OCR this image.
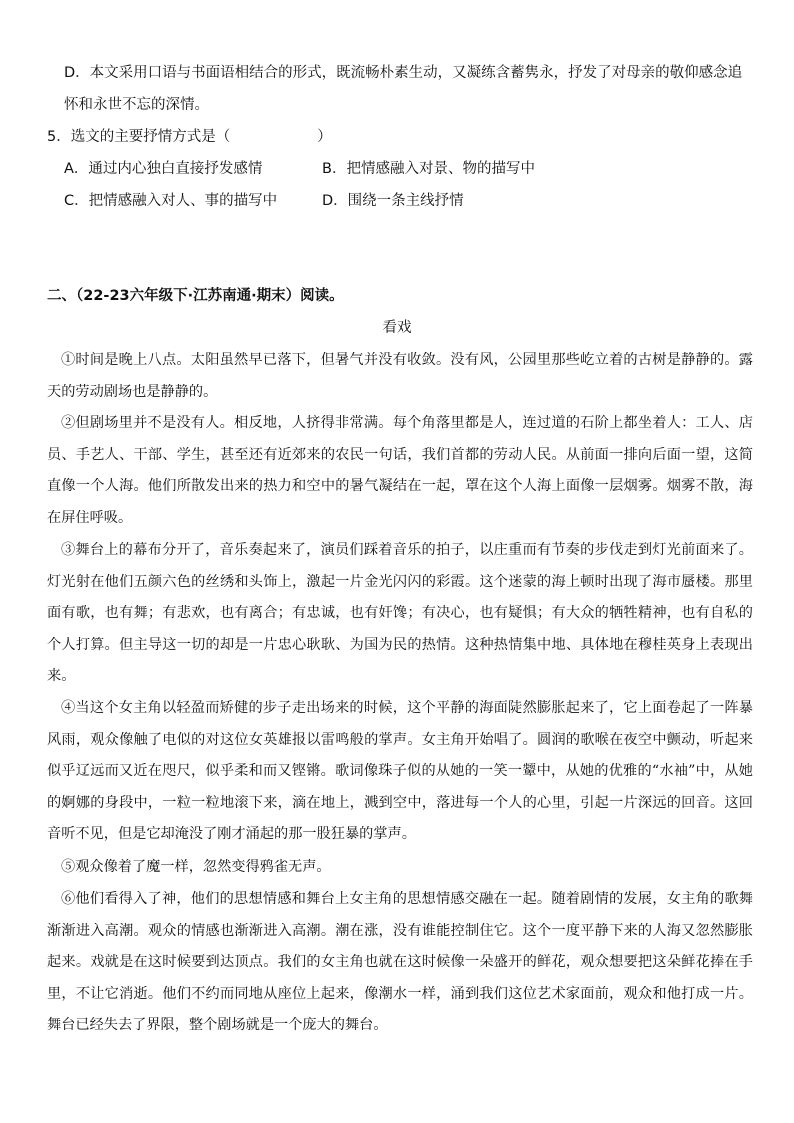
D．本文采用口语与书面语相结合的形式，既流畅朴素生动，又凝练含蓄隽永，抒发了对母亲的敬仰感念追
怀和永世不忘的深情。
5．选文的主要抒情方式是（　　　　　　）
A．通过内心独白直接抒发感情	B．把情感融入对景、物的描写中
C．把情感融入对人、事的描写中	D．围绕一条主线抒情
二、（22-23六年级下·江苏南通·期末）阅读。
看戏
①时间是晚上八点。太阳虽然早已落下，但暑气并没有收敛。没有风，公园里那些屹立着的古树是静静的。露天的劳动剧场也是静静的。
②但剧场里并不是没有人。相反地，人挤得非常满。每个角落里都是人，连过道的石阶上都坐着人：工人、店员、手艺人、干部、学生，甚至还有近郊来的农民一句话，我们首都的劳动人民。从前面一排向后面一望，这简直像一个人海。他们所散发出来的热力和空中的暑气凝结在一起，罩在这个人海上面像一层烟雾。烟雾不散，海在屏住呼吸。
③舞台上的幕布分开了，音乐奏起来了，演员们踩着音乐的拍子，以庄重而有节奏的步伐走到灯光前面来了。灯光射在他们五颜六色的丝绣和头饰上，激起一片金光闪闪的彩霞。这个迷蒙的海上顿时出现了海市蜃楼。那里面有歌，也有舞；有悲欢，也有离合；有忠诚，也有奸馋；有决心，也有疑惧；有大众的牺牲精神，也有自私的个人打算。但主导这一切的却是一片忠心耿耿、为国为民的热情。这种热情集中地、具体地在穆桂英身上表现出来。
④当这个女主角以轻盈而矫健的步子走出场来的时候，这个平静的海面陡然膨胀起来了，它上面卷起了一阵暴风雨，观众像触了电似的对这位女英雄报以雷鸣般的掌声。女主角开始唱了。圆润的歌喉在夜空中颤动，听起来似乎辽远而又近在咫尺，似乎柔和而又铿锵。歌词像珠子似的从她的一笑一颦中，从她的优雅的“水袖”中，从她的婀娜的身段中，一粒一粒地滚下来，滴在地上，溅到空中，落进每一个人的心里，引起一片深远的回音。这回音听不见，但是它却淹没了刚才涌起的那一股狂暴的掌声。
⑤观众像着了魔一样，忽然变得鸦雀无声。
⑥他们看得入了神，他们的思想情感和舞台上女主角的思想情感交融在一起。随着剧情的发展，女主角的歌舞渐渐进入高潮。观众的情感也渐渐进入高潮。潮在涨，没有谁能控制住它。这个一度平静下来的人海又忽然膨胀起来。戏就是在这时候要到达顶点。我们的女主角也就在这时候像一朵盛开的鲜花，观众想要把这朵鲜花捧在手里，不让它消逝。他们不约而同地从座位上起来，像潮水一样，涌到我们这位艺术家面前，观众和他打成一片。舞台已经失去了界限，整个剧场就是一个庞大的舞台。
